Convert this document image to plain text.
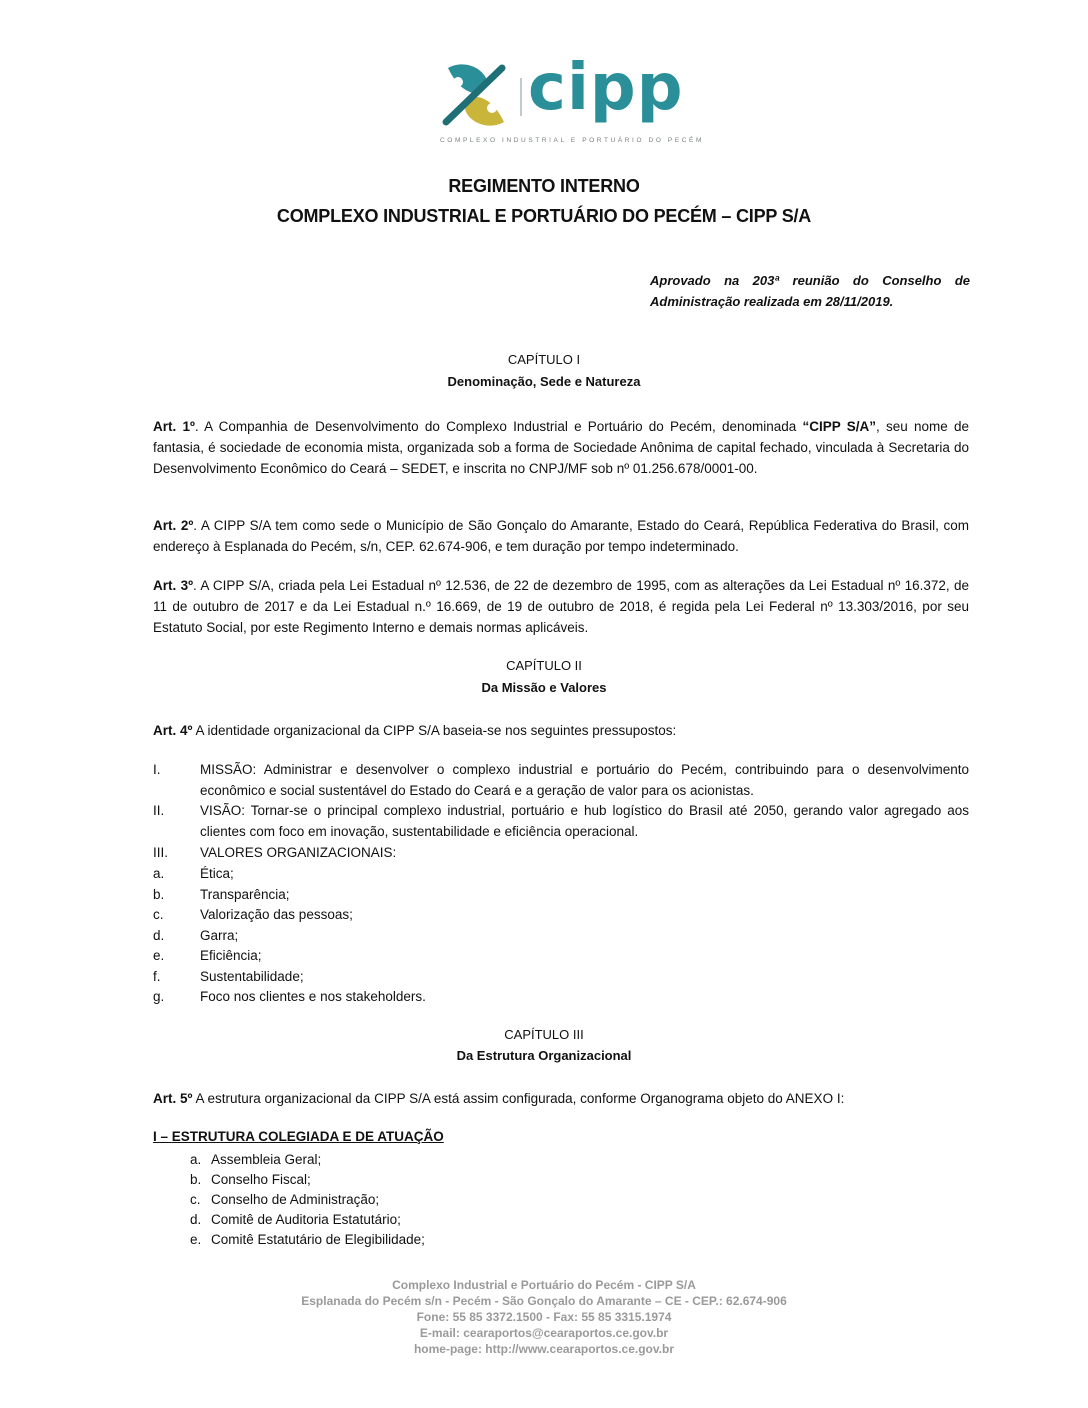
cipp
COMPLEXO INDUSTRIAL E PORTUÁRIO DO PECÉM
REGIMENTO INTERNO
COMPLEXO INDUSTRIAL E PORTUÁRIO DO PECÉM – CIPP S/A
Aprovado na 203ª reunião do Conselho de Administração realizada em 28/11/2019.
CAPÍTULO I
Denominação, Sede e Natureza
Art. 1º. A Companhia de Desenvolvimento do Complexo Industrial e Portuário do Pecém, denominada “CIPP S/A”, seu nome de fantasia, é sociedade de economia mista, organizada sob a forma de Sociedade Anônima de capital fechado, vinculada à Secretaria do Desenvolvimento Econômico do Ceará – SEDET, e inscrita no CNPJ/MF sob nº 01.256.678/0001-00.
Art. 2º. A CIPP S/A tem como sede o Município de São Gonçalo do Amarante, Estado do Ceará, República Federativa do Brasil, com endereço à Esplanada do Pecém, s/n, CEP. 62.674-906, e tem duração por tempo indeterminado.
Art. 3º. A CIPP S/A, criada pela Lei Estadual nº 12.536, de 22 de dezembro de 1995, com as alterações da Lei Estadual nº 16.372, de 11 de outubro de 2017 e da Lei Estadual n.º 16.669, de 19 de outubro de 2018, é regida pela Lei Federal nº 13.303/2016, por seu Estatuto Social, por este Regimento Interno e demais normas aplicáveis.
CAPÍTULO II
Da Missão e Valores
Art. 4º A identidade organizacional da CIPP S/A baseia-se nos seguintes pressupostos:
I.	MISSÃO: Administrar e desenvolver o complexo industrial e portuário do Pecém, contribuindo para o desenvolvimento econômico e social sustentável do Estado do Ceará e a geração de valor para os acionistas.
II.	VISÃO: Tornar-se o principal complexo industrial, portuário e hub logístico do Brasil até 2050, gerando valor agregado aos clientes com foco em inovação, sustentabilidade e eficiência operacional.
III. VALORES ORGANIZACIONAIS:
a.	Ética;
b.	Transparência;
c.	Valorização das pessoas;
d.	Garra;
e.	Eficiência;
f.	Sustentabilidade;
g.	Foco nos clientes e nos stakeholders.
CAPÍTULO III
Da Estrutura Organizacional
Art. 5º A estrutura organizacional da CIPP S/A está assim configurada, conforme Organograma objeto do ANEXO I:
I – ESTRUTURA COLEGIADA E DE ATUAÇÃO
a. Assembleia Geral;
b. Conselho Fiscal;
c. Conselho de Administração;
d. Comitê de Auditoria Estatutário;
e. Comitê Estatutário de Elegibilidade;
Complexo Industrial e Portuário do Pecém - CIPP S/A
Esplanada do Pecém s/n - Pecém - São Gonçalo do Amarante – CE - CEP.: 62.674-906
Fone: 55 85 3372.1500 - Fax: 55 85 3315.1974
E-mail: cearaportos@cearaportos.ce.gov.br
home-page: http://www.cearaportos.ce.gov.br
